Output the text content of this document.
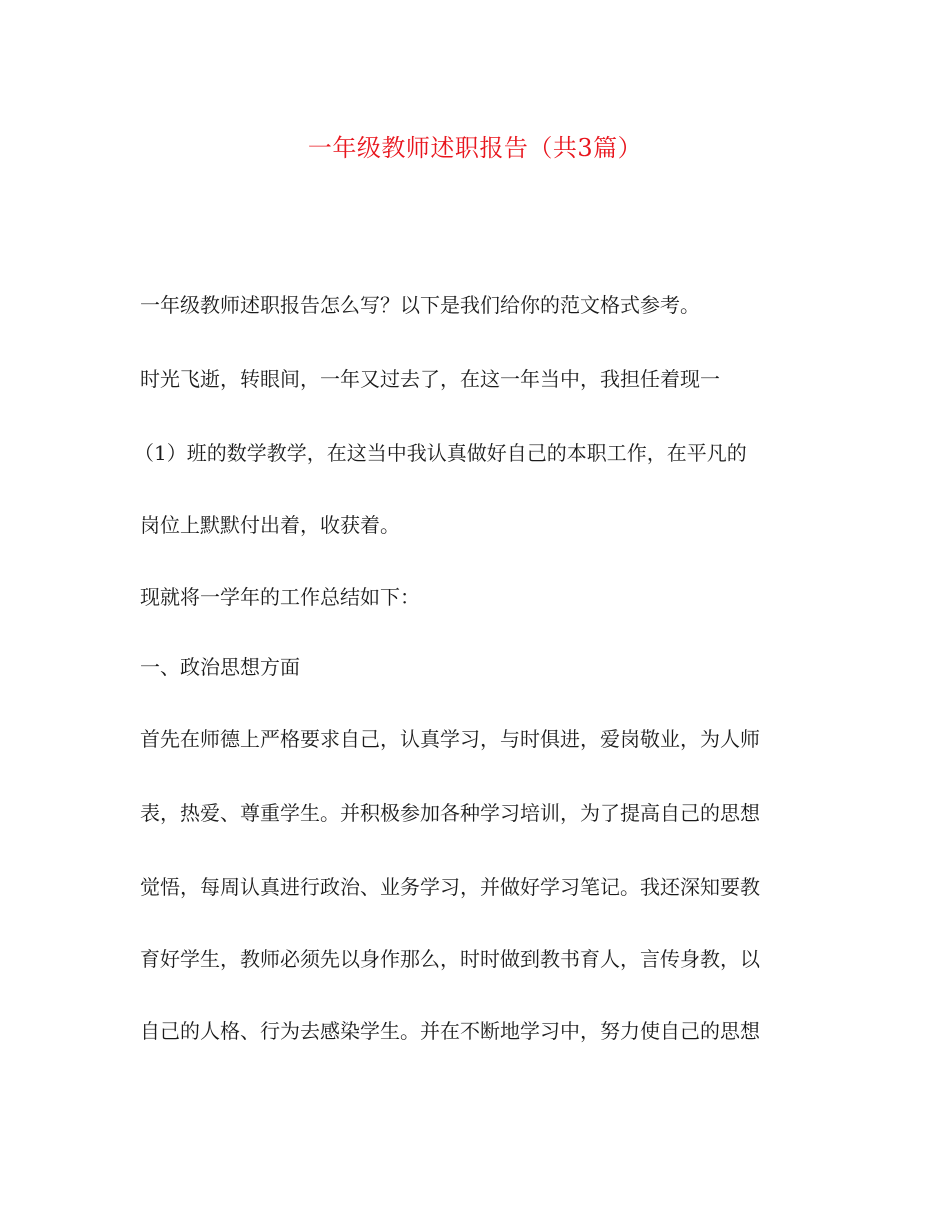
一年级教师述职报告（共3篇）
一年级教师述职报告怎么写？以下是我们给你的范文格式参考。
时光飞逝，转眼间，一年又过去了，在这一年当中，我担任着现一
（1）班的数学教学，在这当中我认真做好自己的本职工作，在平凡的
岗位上默默付出着，收获着。
现就将一学年的工作总结如下：
一、政治思想方面
首先在师德上严格要求自己，认真学习，与时俱进，爱岗敬业，为人师
表，热爱、尊重学生。并积极参加各种学习培训，为了提高自己的思想
觉悟，每周认真进行政治、业务学习，并做好学习笔记。我还深知要教
育好学生，教师必须先以身作那么，时时做到教书育人，言传身教，以
自己的人格、行为去感染学生。并在不断地学习中，努力使自己的思想
